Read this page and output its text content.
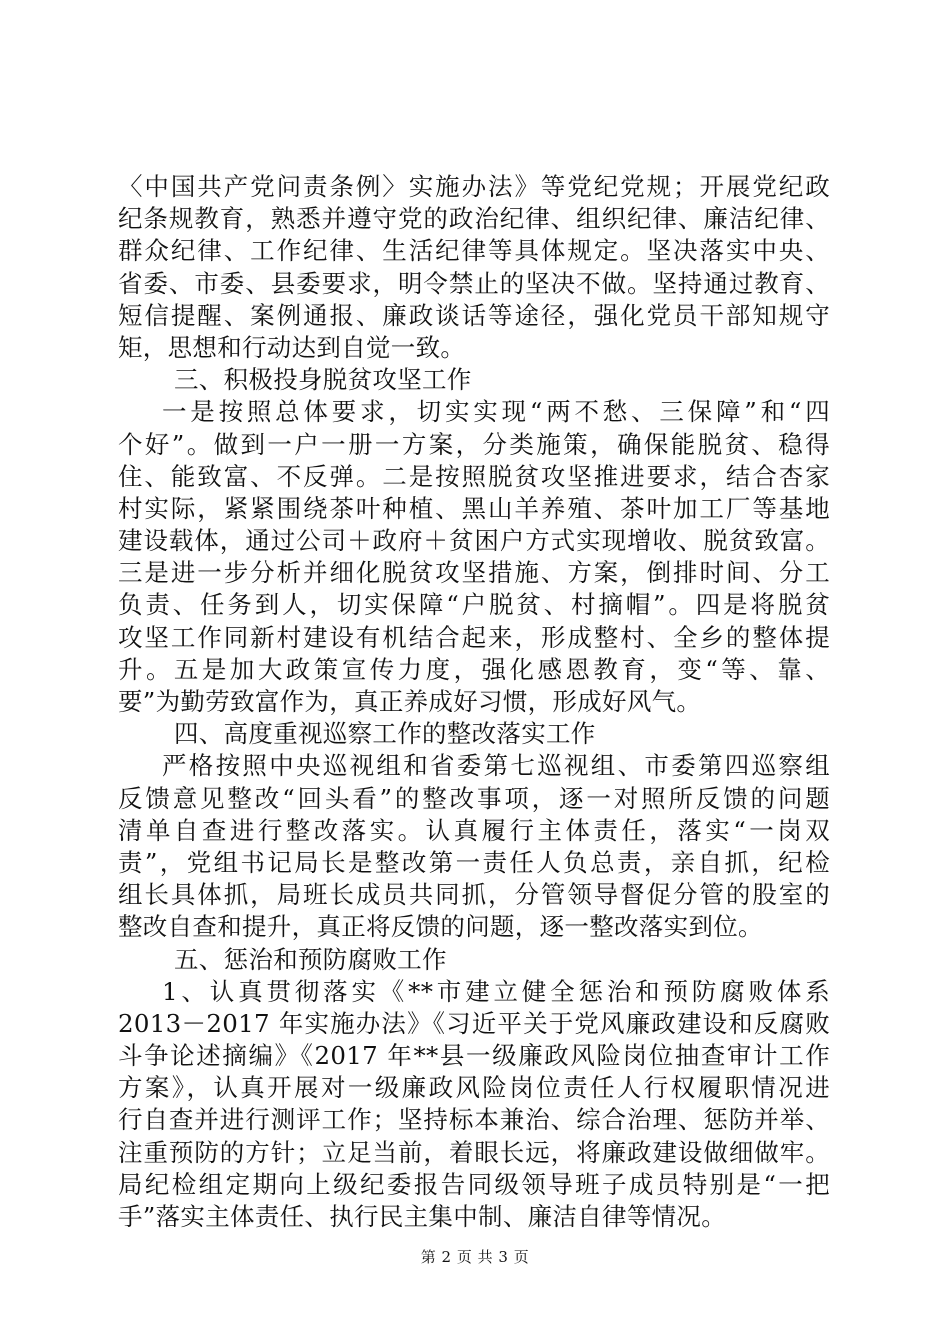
〈中国共产党问责条例〉实施办法》等党纪党规；开展党纪政
纪条规教育，熟悉并遵守党的政治纪律、组织纪律、廉洁纪律、
群众纪律、工作纪律、生活纪律等具体规定。坚决落实中央、
省委、市委、县委要求，明令禁止的坚决不做。坚持通过教育、
短信提醒、案例通报、廉政谈话等途径，强化党员干部知规守
矩，思想和行动达到自觉一致。
三、积极投身脱贫攻坚工作
一是按照总体要求，切实实现“两不愁、三保障”和“四
个好”。做到一户一册一方案，分类施策，确保能脱贫、稳得
住、能致富、不反弹。二是按照脱贫攻坚推进要求，结合杏家
村实际，紧紧围绕茶叶种植、黑山羊养殖、茶叶加工厂等基地
建设载体，通过公司＋政府＋贫困户方式实现增收、脱贫致富。
三是进一步分析并细化脱贫攻坚措施、方案，倒排时间、分工
负责、任务到人，切实保障“户脱贫、村摘帽”。四是将脱贫
攻坚工作同新村建设有机结合起来，形成整村、全乡的整体提
升。五是加大政策宣传力度，强化感恩教育，变“等、靠、
要”为勤劳致富作为，真正养成好习惯，形成好风气。
四、高度重视巡察工作的整改落实工作
严格按照中央巡视组和省委第七巡视组、市委第四巡察组
反馈意见整改“回头看”的整改事项，逐一对照所反馈的问题
清单自查进行整改落实。认真履行主体责任，落实“一岗双
责”，党组书记局长是整改第一责任人负总责，亲自抓，纪检
组长具体抓，局班长成员共同抓，分管领导督促分管的股室的
整改自查和提升，真正将反馈的问题，逐一整改落实到位。
五、惩治和预防腐败工作
1、认真贯彻落实《**市建立健全惩治和预防腐败体系
2013－2017 年实施办法》《习近平关于党风廉政建设和反腐败
斗争论述摘编》《2017 年**县一级廉政风险岗位抽查审计工作
方案》，认真开展对一级廉政风险岗位责任人行权履职情况进
行自查并进行测评工作；坚持标本兼治、综合治理、惩防并举、
注重预防的方针；立足当前，着眼长远，将廉政建设做细做牢。
局纪检组定期向上级纪委报告同级领导班子成员特别是“一把
手”落实主体责任、执行民主集中制、廉洁自律等情况。
第 2 页 共 3 页
